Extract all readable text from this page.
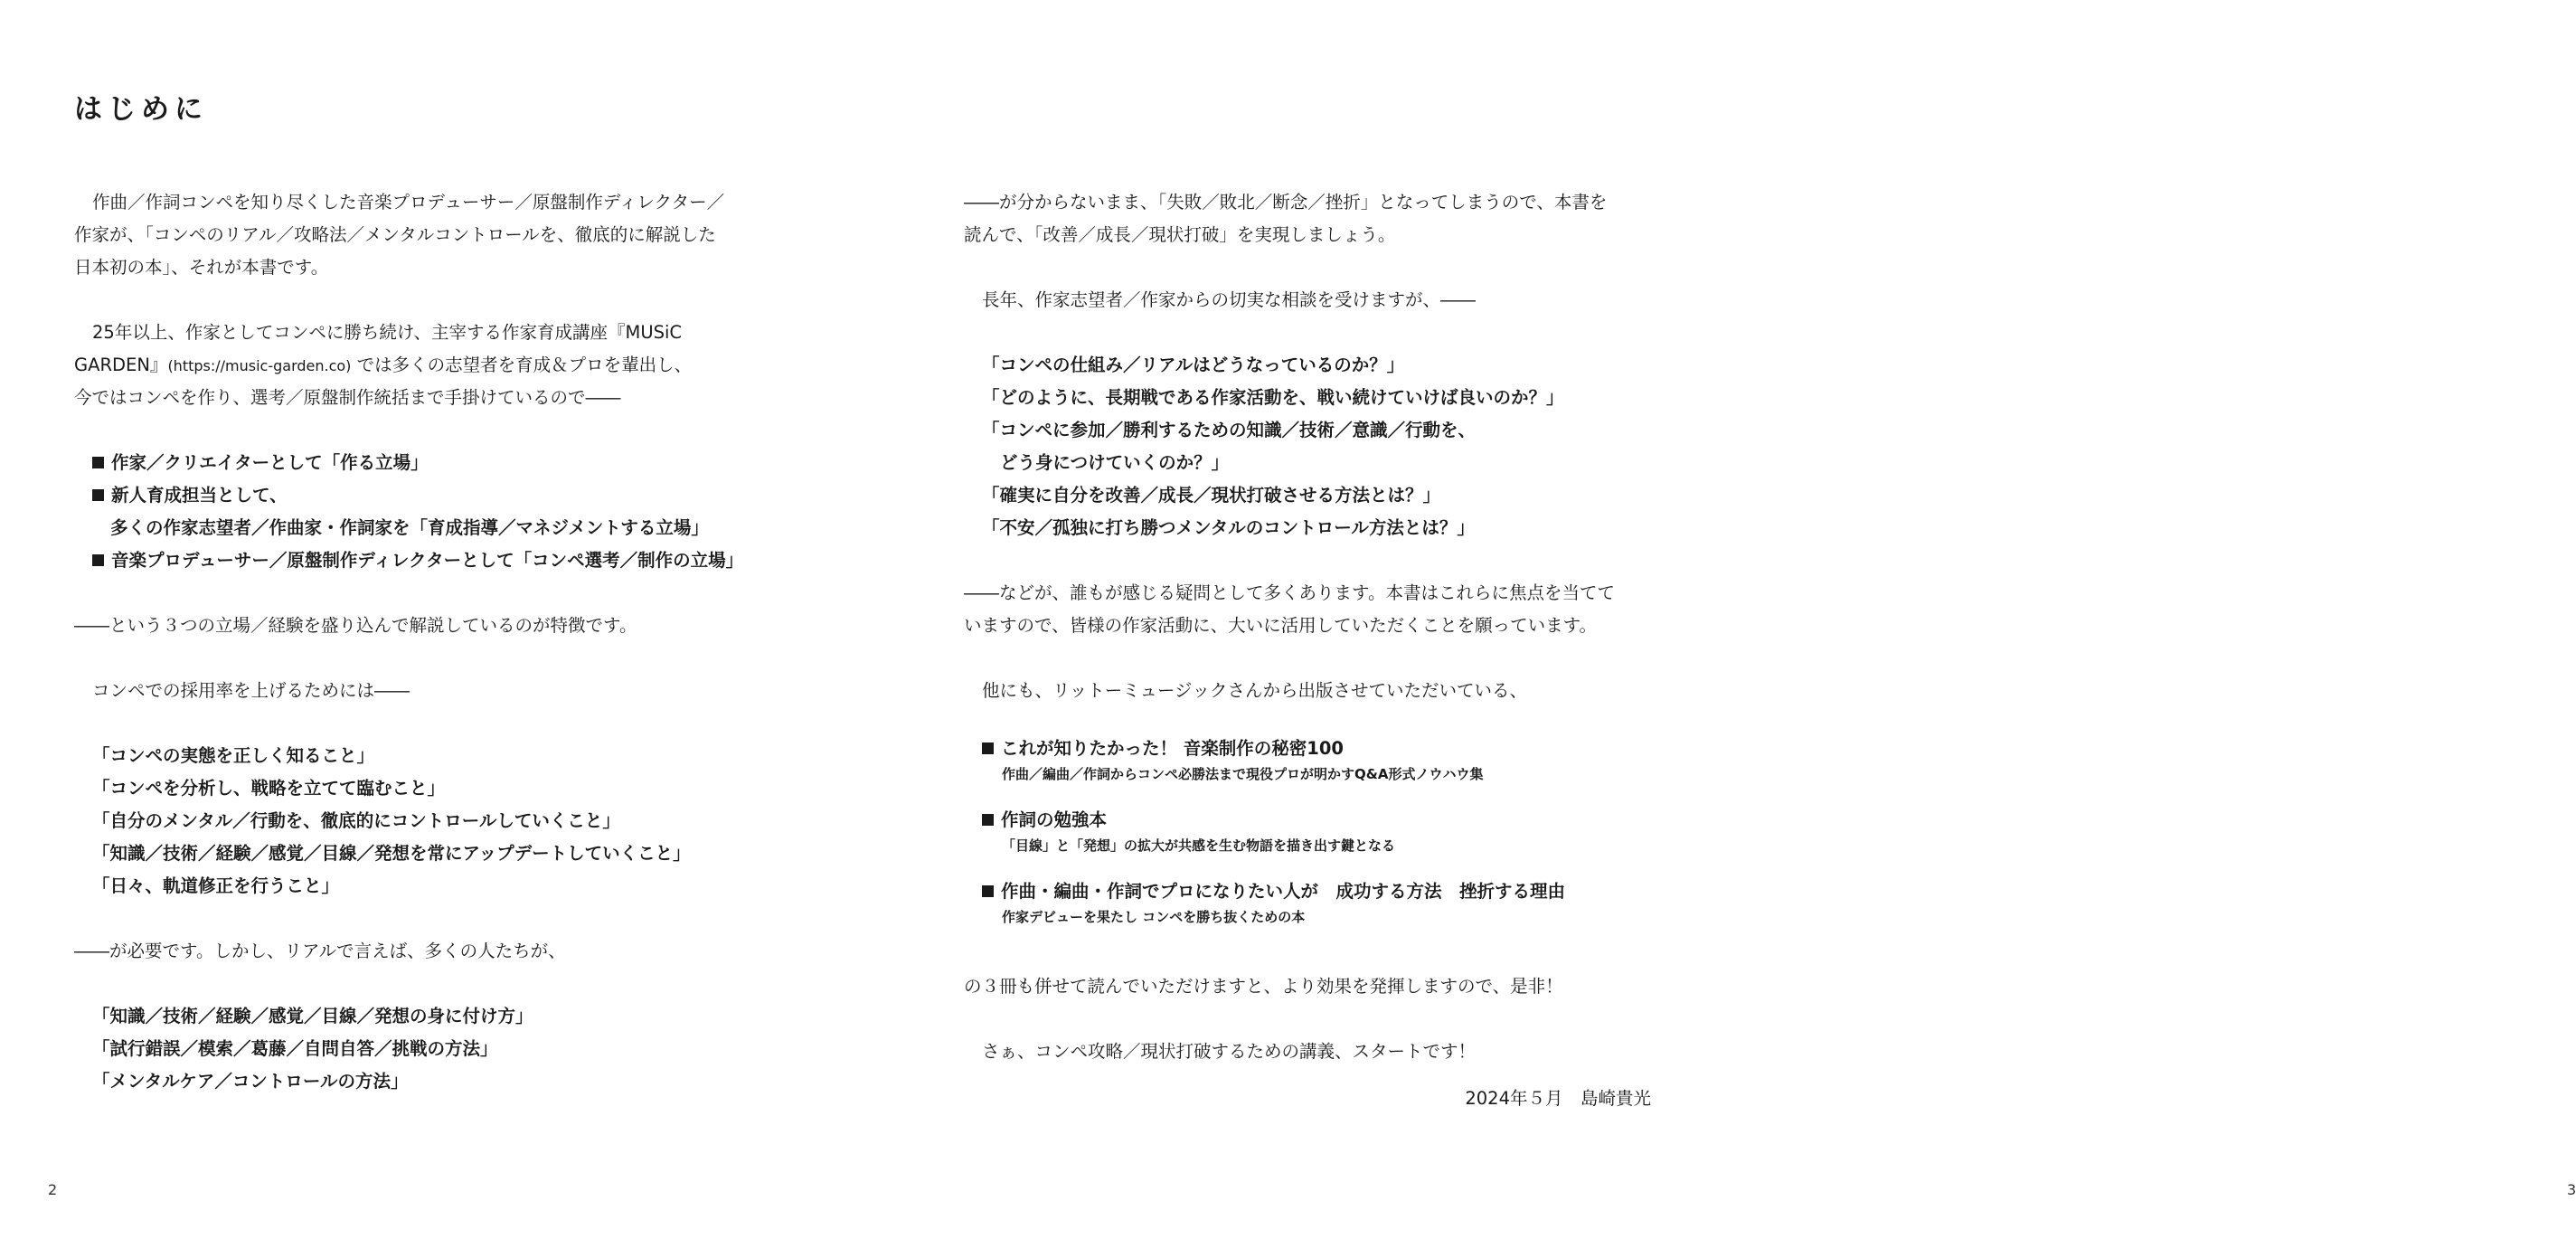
はじめに
作曲／作詞コンペを知り尽くした音楽プロデューサー／原盤制作ディレクター／
作家が、「コンペのリアル／攻略法／メンタルコントロールを、徹底的に解説した
日本初の本」、それが本書です。
25年以上、作家としてコンペに勝ち続け、主宰する作家育成講座『MUSiC
GARDEN』(https://music-garden.co) では多くの志望者を育成＆プロを輩出し、
今ではコンペを作り、選考／原盤制作統括まで手掛けているので――
作家／クリエイターとして「作る立場」
新人育成担当として、
多くの作家志望者／作曲家・作詞家を「育成指導／マネジメントする立場」
音楽プロデューサー／原盤制作ディレクターとして「コンペ選考／制作の立場」
――という３つの立場／経験を盛り込んで解説しているのが特徴です。
コンペでの採用率を上げるためには――
「コンペの実態を正しく知ること」
「コンペを分析し、戦略を立てて臨むこと」
「自分のメンタル／行動を、徹底的にコントロールしていくこと」
「知識／技術／経験／感覚／目線／発想を常にアップデートしていくこと」
「日々、軌道修正を行うこと」
――が必要です。しかし、リアルで言えば、多くの人たちが、
「知識／技術／経験／感覚／目線／発想の身に付け方」
「試行錯誤／模索／葛藤／自問自答／挑戦の方法」
「メンタルケア／コントロールの方法」
2
――が分からないまま、「失敗／敗北／断念／挫折」となってしまうので、本書を
読んで、「改善／成長／現状打破」を実現しましょう。
長年、作家志望者／作家からの切実な相談を受けますが、――
「コンペの仕組み／リアルはどうなっているのか？」
「どのように、長期戦である作家活動を、戦い続けていけば良いのか？」
「コンペに参加／勝利するための知識／技術／意識／行動を、
どう身につけていくのか？」
「確実に自分を改善／成長／現状打破させる方法とは？」
「不安／孤独に打ち勝つメンタルのコントロール方法とは？」
――などが、誰もが感じる疑問として多くあります。本書はこれらに焦点を当てて
いますので、皆様の作家活動に、大いに活用していただくことを願っています。
他にも、リットーミュージックさんから出版させていただいている、
これが知りたかった！ 音楽制作の秘密100
作曲／編曲／作詞からコンペ必勝法まで現役プロが明かすQ&A形式ノウハウ集
作詞の勉強本
「目線」と「発想」の拡大が共感を生む物語を描き出す鍵となる
作曲・編曲・作詞でプロになりたい人が　成功する方法　挫折する理由
作家デビューを果たし コンペを勝ち抜くための本
の３冊も併せて読んでいただけますと、より効果を発揮しますので、是非！
さぁ、コンペ攻略／現状打破するための講義、スタートです！
2024年５月　島崎貴光
3
